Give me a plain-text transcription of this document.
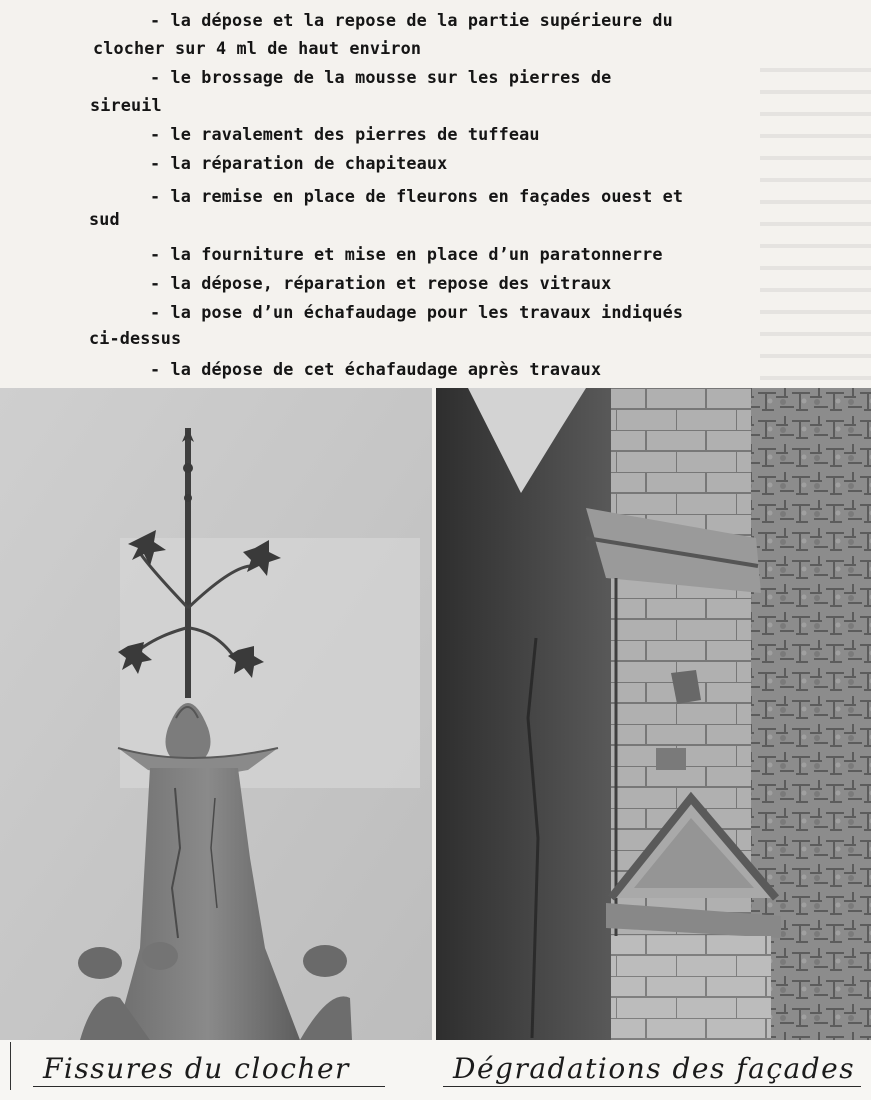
- la dépose et la repose de la partie supérieure du
clocher sur 4 ml de haut environ
- le brossage de la mousse sur les pierres de
sireuil
- le ravalement des pierres de tuffeau
- la réparation de chapiteaux
- la remise en place de fleurons en façades ouest et
sud
- la fourniture et mise en place d’un paratonnerre
- la dépose, réparation et repose des vitraux
- la pose d’un échafaudage pour les travaux indiqués
ci-dessus
- la dépose de cet échafaudage après travaux
Fissures du clocher	Dégradations des façades
